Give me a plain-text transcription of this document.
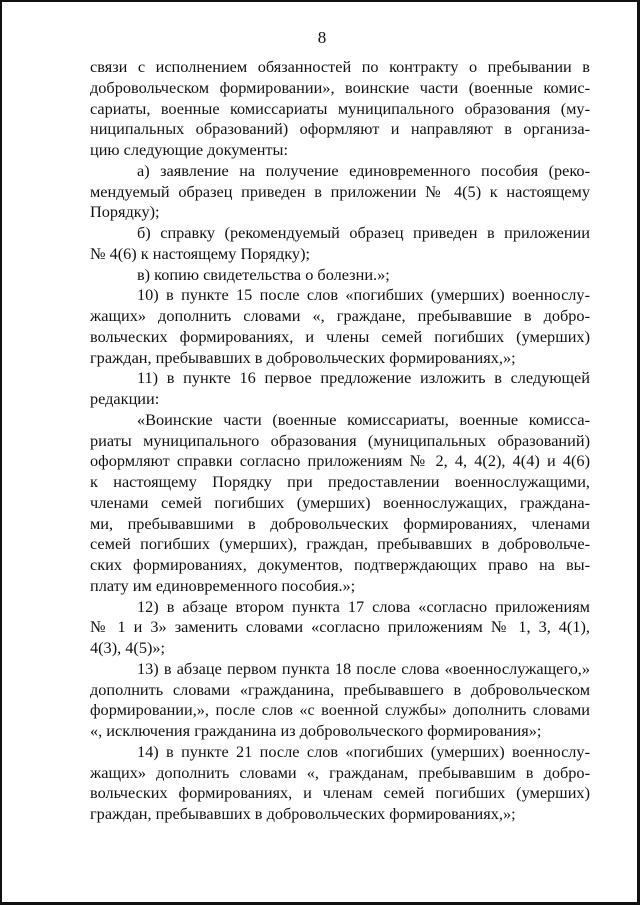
8
связи с исполнением обязанностей по контракту о пребывании в
добровольческом формировании», воинские части (военные комис-
сариаты, военные комиссариаты муниципального образования (му-
ниципальных образований) оформляют и направляют в организа-
цию следующие документы:
а) заявление на получение единовременного пособия (реко-
мендуемый образец приведен в приложении № 4(5) к настоящему
Порядку);
б) справку (рекомендуемый образец приведен в приложении
№ 4(6) к настоящему Порядку);
в) копию свидетельства о болезни.»;
10) в пункте 15 после слов «погибших (умерших) военнослу-
жащих» дополнить словами «, граждане, пребывавшие в добро-
вольческих формированиях, и члены семей погибших (умерших)
граждан, пребывавших в добровольческих формированиях,»;
11) в пункте 16 первое предложение изложить в следующей
редакции:
«Воинские части (военные комиссариаты, военные комисса-
риаты муниципального образования (муниципальных образований)
оформляют справки согласно приложениям № 2, 4, 4(2), 4(4) и 4(6)
к настоящему Порядку при предоставлении военнослужащими,
членами семей погибших (умерших) военнослужащих, граждана-
ми, пребывавшими в добровольческих формированиях, членами
семей погибших (умерших), граждан, пребывавших в добровольче-
ских формированиях, документов, подтверждающих право на вы-
плату им единовременного пособия.»;
12) в абзаце втором пункта 17 слова «согласно приложениям
№ 1 и 3» заменить словами «согласно приложениям № 1, 3, 4(1),
4(3), 4(5)»;
13) в абзаце первом пункта 18 после слова «военнослужащего,»
дополнить словами «гражданина, пребывавшего в добровольческом
формировании,», после слов «с военной службы» дополнить словами
«, исключения гражданина из добровольческого формирования»;
14) в пункте 21 после слов «погибших (умерших) военнослу-
жащих» дополнить словами «, гражданам, пребывавшим в добро-
вольческих формированиях, и членам семей погибших (умерших)
граждан, пребывавших в добровольческих формированиях,»;
